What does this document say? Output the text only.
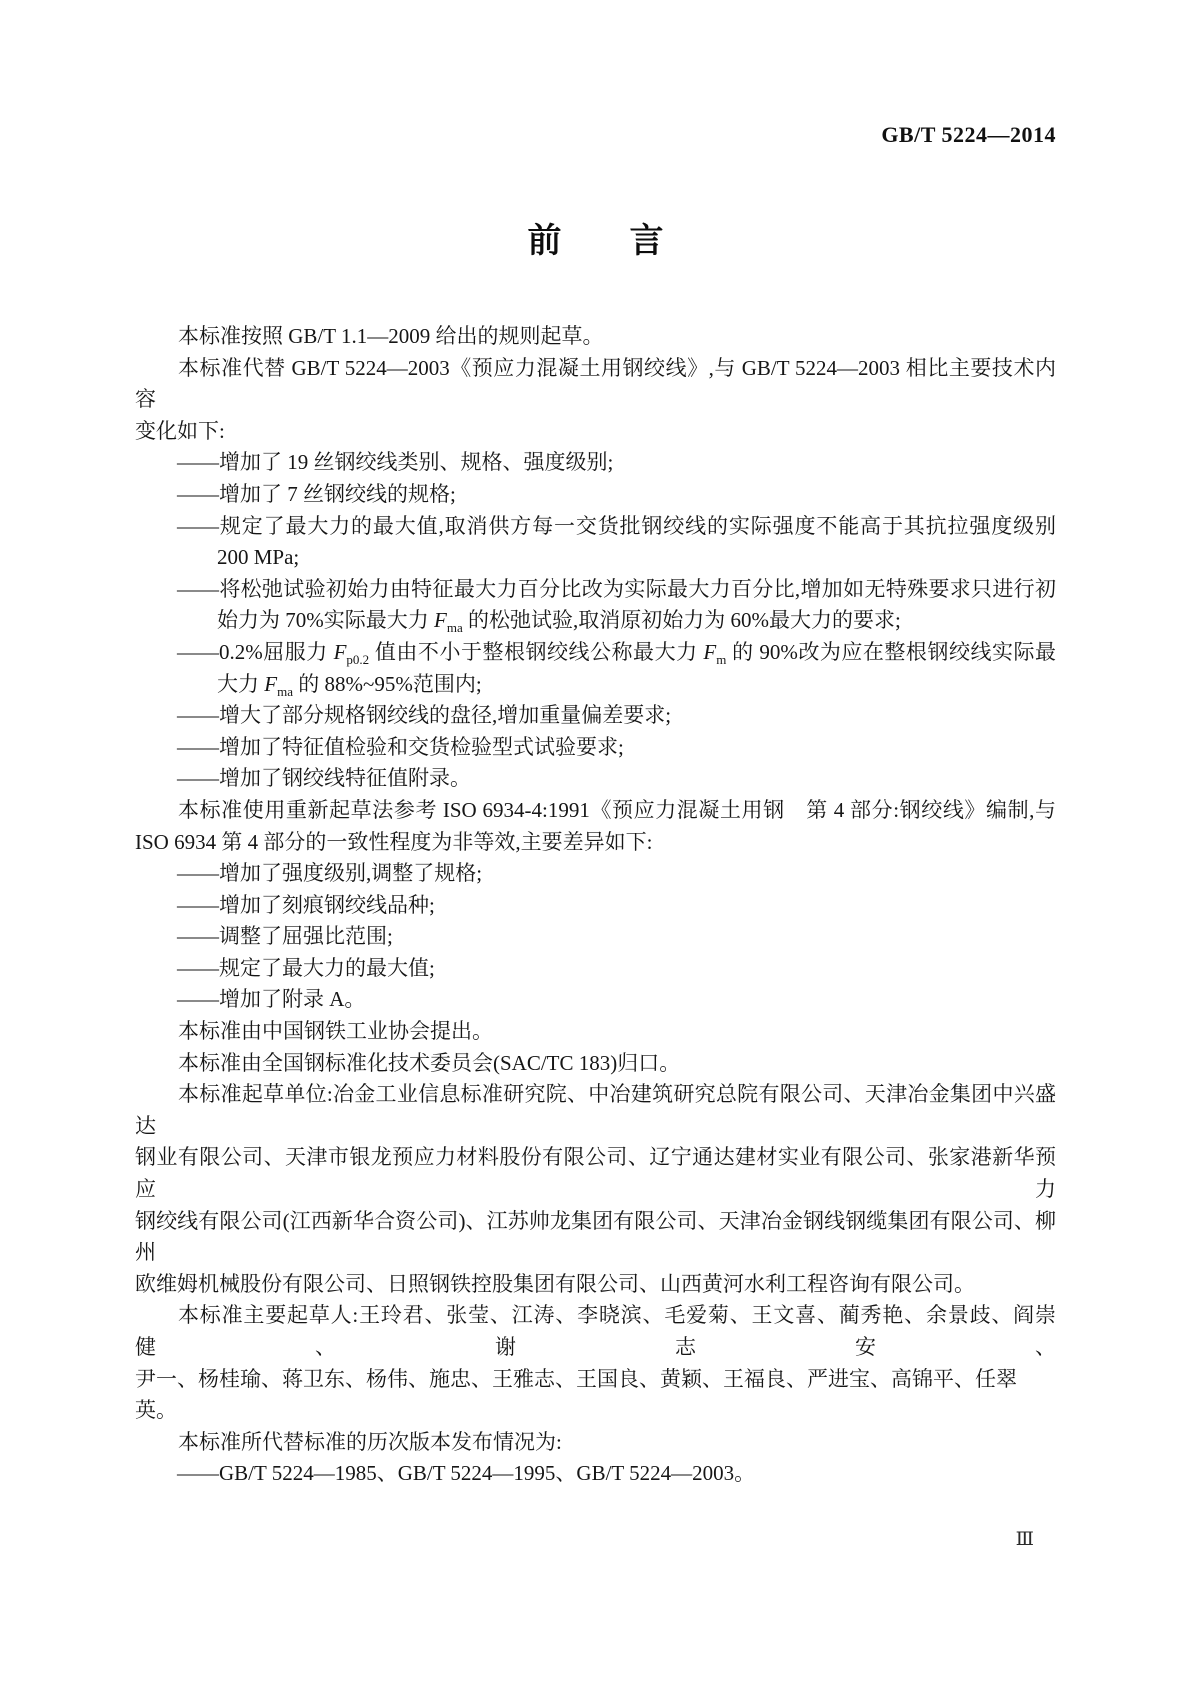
GB/T 5224—2014
前　　言
本标准按照 GB/T 1.1—2009 给出的规则起草。
本标准代替 GB/T 5224—2003《预应力混凝土用钢绞线》,与 GB/T 5224—2003 相比主要技术内容
变化如下:
——增加了 19 丝钢绞线类别、规格、强度级别;
——增加了 7 丝钢绞线的规格;
——规定了最大力的最大值,取消供方每一交货批钢绞线的实际强度不能高于其抗拉强度级别
200 MPa;
——将松弛试验初始力由特征最大力百分比改为实际最大力百分比,增加如无特殊要求只进行初
始力为 70%实际最大力 $F_{ma}$ 的松弛试验,取消原初始力为 60%最大力的要求;
——0.2%屈服力 $F_{p0.2}$ 值由不小于整根钢绞线公称最大力 $F_m$ 的 90%改为应在整根钢绞线实际最
大力 $F_{ma}$ 的 88%~95%范围内;
——增大了部分规格钢绞线的盘径,增加重量偏差要求;
——增加了特征值检验和交货检验型式试验要求;
——增加了钢绞线特征值附录。
本标准使用重新起草法参考 ISO 6934-4:1991《预应力混凝土用钢　第 4 部分:钢绞线》编制,与
ISO 6934 第 4 部分的一致性程度为非等效,主要差异如下:
——增加了强度级别,调整了规格;
——增加了刻痕钢绞线品种;
——调整了屈强比范围;
——规定了最大力的最大值;
——增加了附录 A。
本标准由中国钢铁工业协会提出。
本标准由全国钢标准化技术委员会(SAC/TC 183)归口。
本标准起草单位:冶金工业信息标准研究院、中冶建筑研究总院有限公司、天津冶金集团中兴盛达
钢业有限公司、天津市银龙预应力材料股份有限公司、辽宁通达建材实业有限公司、张家港新华预应力
钢绞线有限公司(江西新华合资公司)、江苏帅龙集团有限公司、天津冶金钢线钢缆集团有限公司、柳州
欧维姆机械股份有限公司、日照钢铁控股集团有限公司、山西黄河水利工程咨询有限公司。
本标准主要起草人:王玲君、张莹、江涛、李晓滨、毛爱菊、王文喜、蔺秀艳、余景歧、阎崇健、谢志安、
尹一、杨桂瑜、蒋卫东、杨伟、施忠、王雅志、王国良、黄颖、王福良、严进宝、高锦平、任翠英。
本标准所代替标准的历次版本发布情况为:
——GB/T 5224—1985、GB/T 5224—1995、GB/T 5224—2003。
Ⅲ
